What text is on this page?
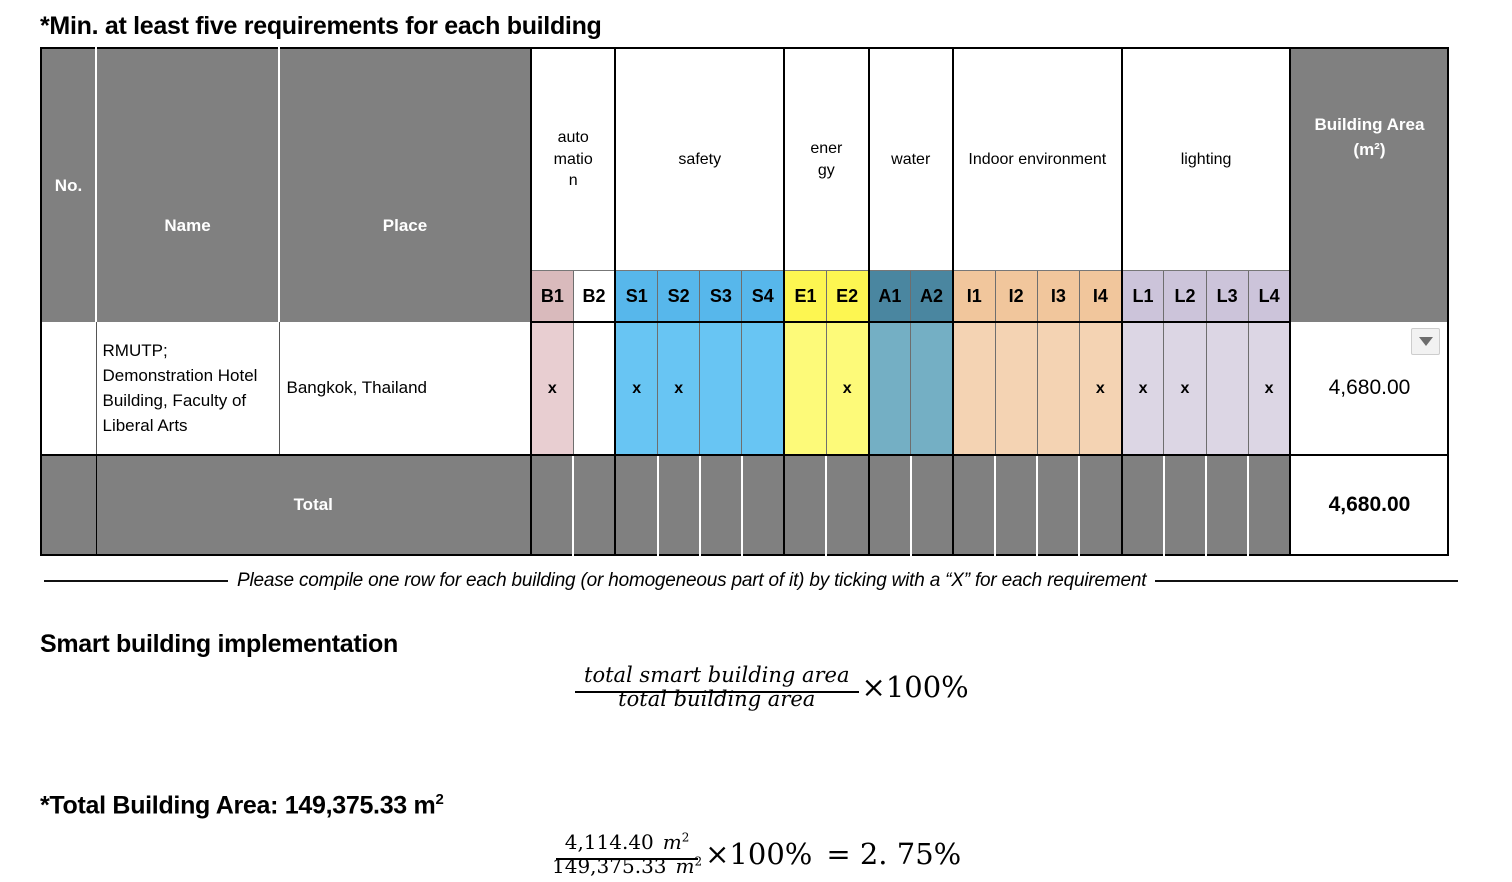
*Min. at least five requirements for each building
No.	Name	Place	automation		safety				energy		water		Indoor environment				lighting				Building Area
(m²)
			B1	B2	S1	S2	S3	S4	E1	E2	A1	A2	I1	I2	I3	I4	L1	L2	L3	L4	
	RMUTP; Demonstration Hotel Building, Faculty of Liberal Arts	Bangkok, Thailand	x		x	x				x						x	x	x		x	4,680.00
	Total																				4,680.00
Please compile one row for each building (or homogeneous part of it) by ticking with a “X” for each requirement
Smart building implementation
total smart building area
total building area	×100%
*Total Building Area: 149,375.33 $m^2$
4,114.40 $m^2$
149,375.33 $m^2 \times 100\% = 2$. 75%
